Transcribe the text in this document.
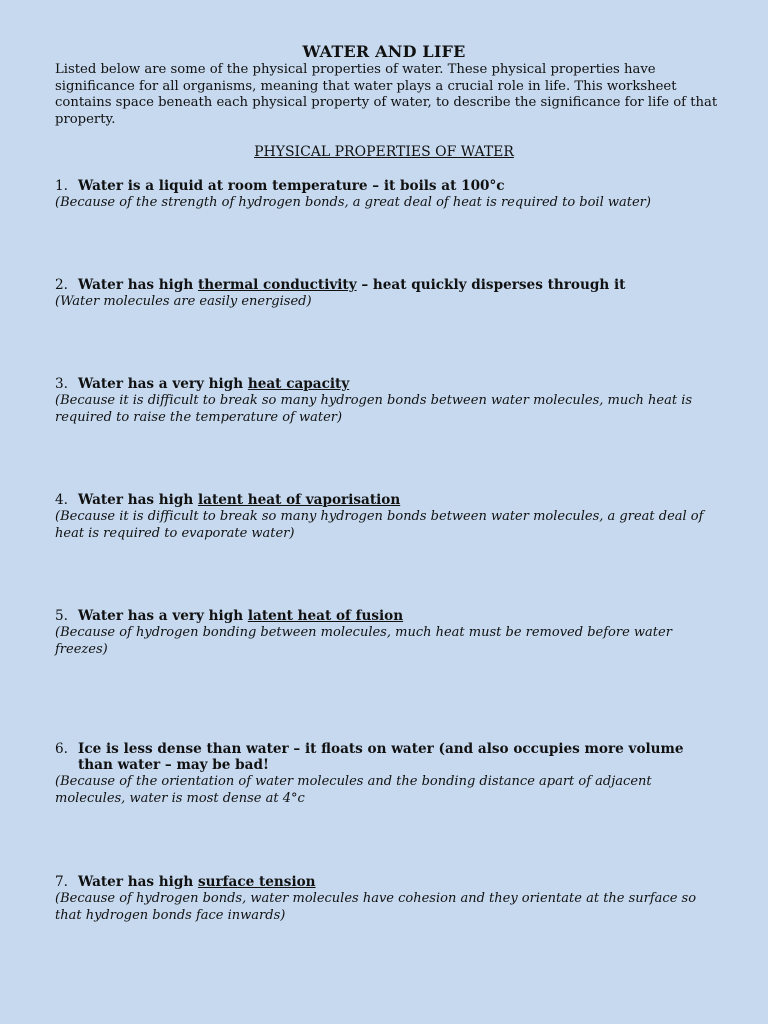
WATER AND LIFE
Listed below are some of the physical properties of water. These physical properties have significance for all organisms, meaning that water plays a crucial role in life. This worksheet contains space beneath each physical property of water, to describe the significance for life of that property.
PHYSICAL PROPERTIES OF WATER
1. Water is a liquid at room temperature – it boils at 100°c
(Because of the strength of hydrogen bonds, a great deal of heat is required to boil water)
2. Water has high thermal conductivity – heat quickly disperses through it
(Water molecules are easily energised)
3. Water has a very high heat capacity
(Because it is difficult to break so many hydrogen bonds between water molecules, much heat is required to raise the temperature of water)
4. Water has high latent heat of vaporisation
(Because it is difficult to break so many hydrogen bonds between water molecules, a great deal of heat is required to evaporate water)
5. Water has a very high latent heat of fusion
(Because of hydrogen bonding between molecules, much heat must be removed before water freezes)
6. Ice is less dense than water – it floats on water (and also occupies more volume than water – may be bad!
(Because of the orientation of water molecules and the bonding distance apart of adjacent molecules, water is most dense at 4°c
7. Water has high surface tension
(Because of hydrogen bonds, water molecules have cohesion and they orientate at the surface so that hydrogen bonds face inwards)
